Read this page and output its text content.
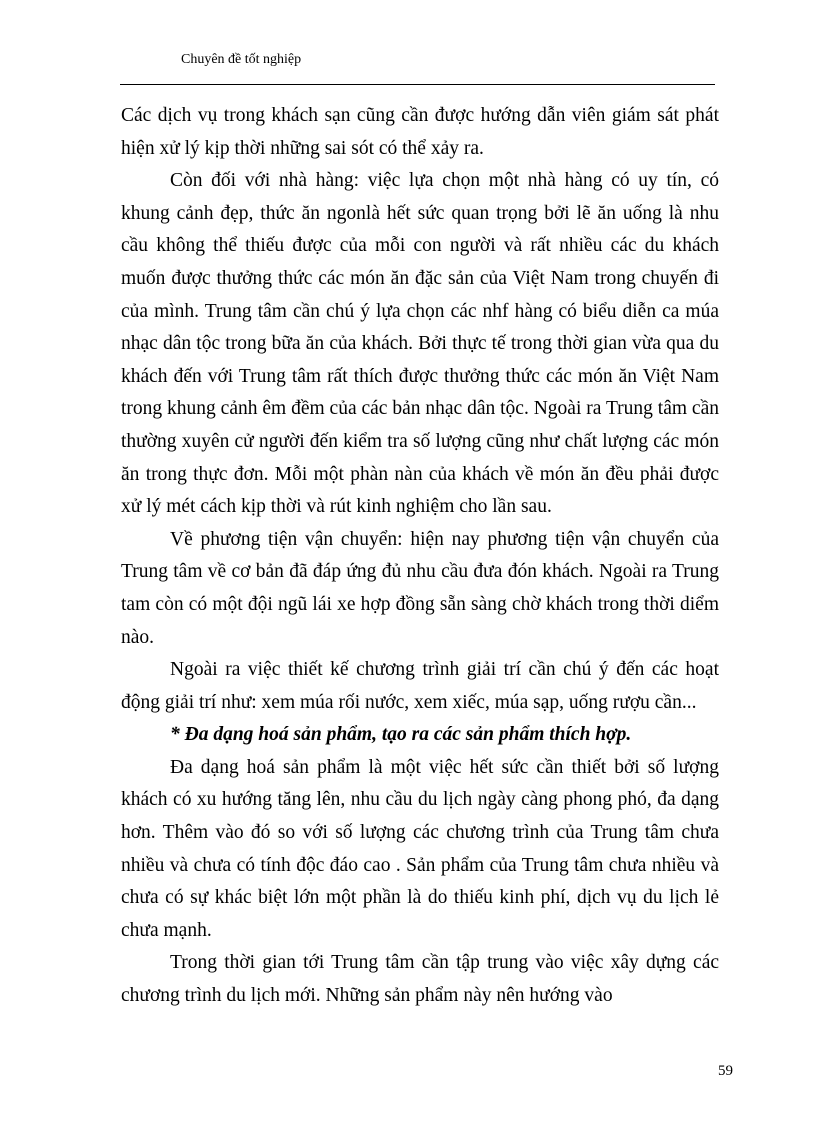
Chuyên đề tốt nghiệp

Các dịch vụ trong khách sạn cũng cần được hướng dẫn viên giám sát phát hiện xử lý kịp thời những sai sót có thể xảy ra.

Còn đối với nhà hàng: việc lựa chọn một nhà hàng có uy tín, có khung cảnh đẹp, thức ăn ngonlà hết sức quan trọng bởi lẽ ăn uống là nhu cầu không thể thiếu được của mỗi con người và rất nhiều các du khách muốn được thưởng thức các món ăn đặc sản của Việt Nam trong chuyến đi của mình. Trung tâm cần chú ý lựa chọn các nhf hàng có biểu diễn ca múa nhạc dân tộc trong bữa ăn của khách. Bởi thực tế trong thời gian vừa qua du khách đến với Trung tâm rất thích được thưởng thức các món ăn Việt Nam trong khung cảnh êm đềm của các bản nhạc dân tộc. Ngoài ra Trung tâm cần thường xuyên cử người đến kiểm tra số lượng cũng như chất lượng các món ăn trong thực đơn. Mỗi một phàn nàn của khách về món ăn đều phải được xử lý mét cách kịp thời và rút kinh nghiệm cho lần sau.

Về phương tiện vận chuyển: hiện nay phương tiện vận chuyển của Trung tâm về cơ bản đã đáp ứng đủ nhu cầu đưa đón khách. Ngoài ra Trung tam còn có một đội ngũ lái xe hợp đồng sẵn sàng chờ khách trong thời diểm nào.

Ngoài ra việc thiết kế chương trình giải trí cần chú ý đến các hoạt động giải trí như: xem múa rối nước, xem xiếc, múa sạp, uống rượu cần...

* Đa dạng hoá sản phẩm, tạo ra các sản phẩm thích hợp.

Đa dạng hoá sản phẩm là một việc hết sức cần thiết bởi số lượng khách có xu hướng tăng lên, nhu cầu du lịch ngày càng phong phó, đa dạng hơn. Thêm vào đó so với số lượng các chương trình của Trung tâm chưa nhiều và chưa có tính độc đáo cao . Sản phẩm của Trung tâm chưa nhiều và chưa có sự khác biệt lớn một phần là do thiếu kinh phí, dịch vụ du lịch lẻ chưa mạnh.

Trong thời gian tới Trung tâm cần tập trung vào việc xây dựng các chương trình du lịch mới. Những sản phẩm này nên hướng vào

59
